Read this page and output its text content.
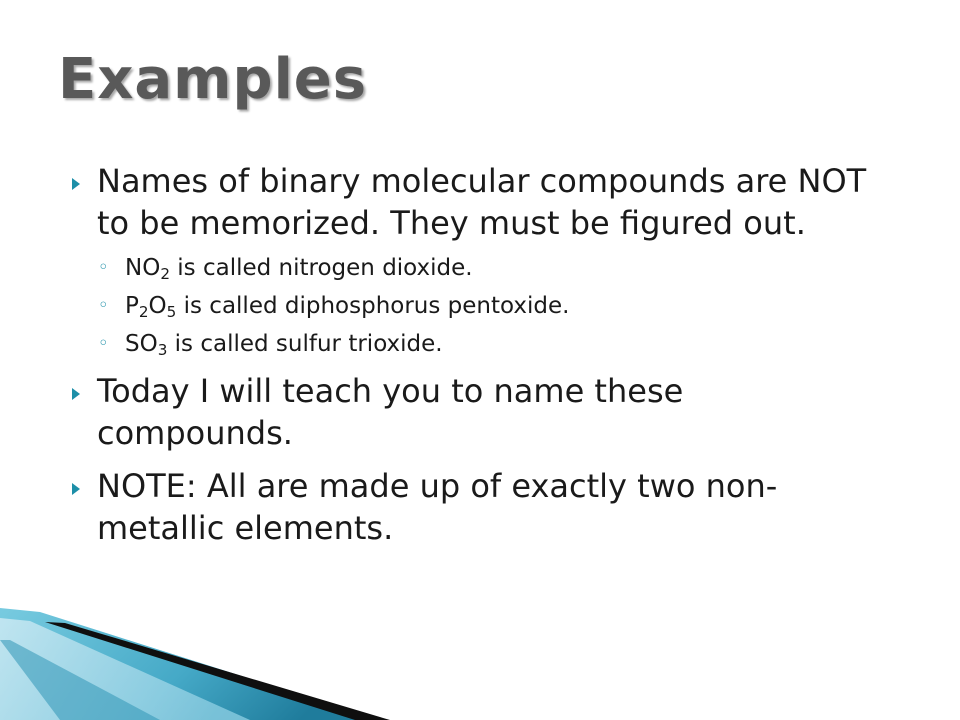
Examples
Names of binary molecular compounds are NOT to be memorized. They must be figured out.
◦ $NO_2$ is called nitrogen dioxide.
◦ $P_2O_5$ is called diphosphorus pentoxide.
◦ $SO_3$ is called sulfur trioxide.
Today I will teach you to name these compounds.
NOTE: All are made up of exactly two non-metallic elements.
